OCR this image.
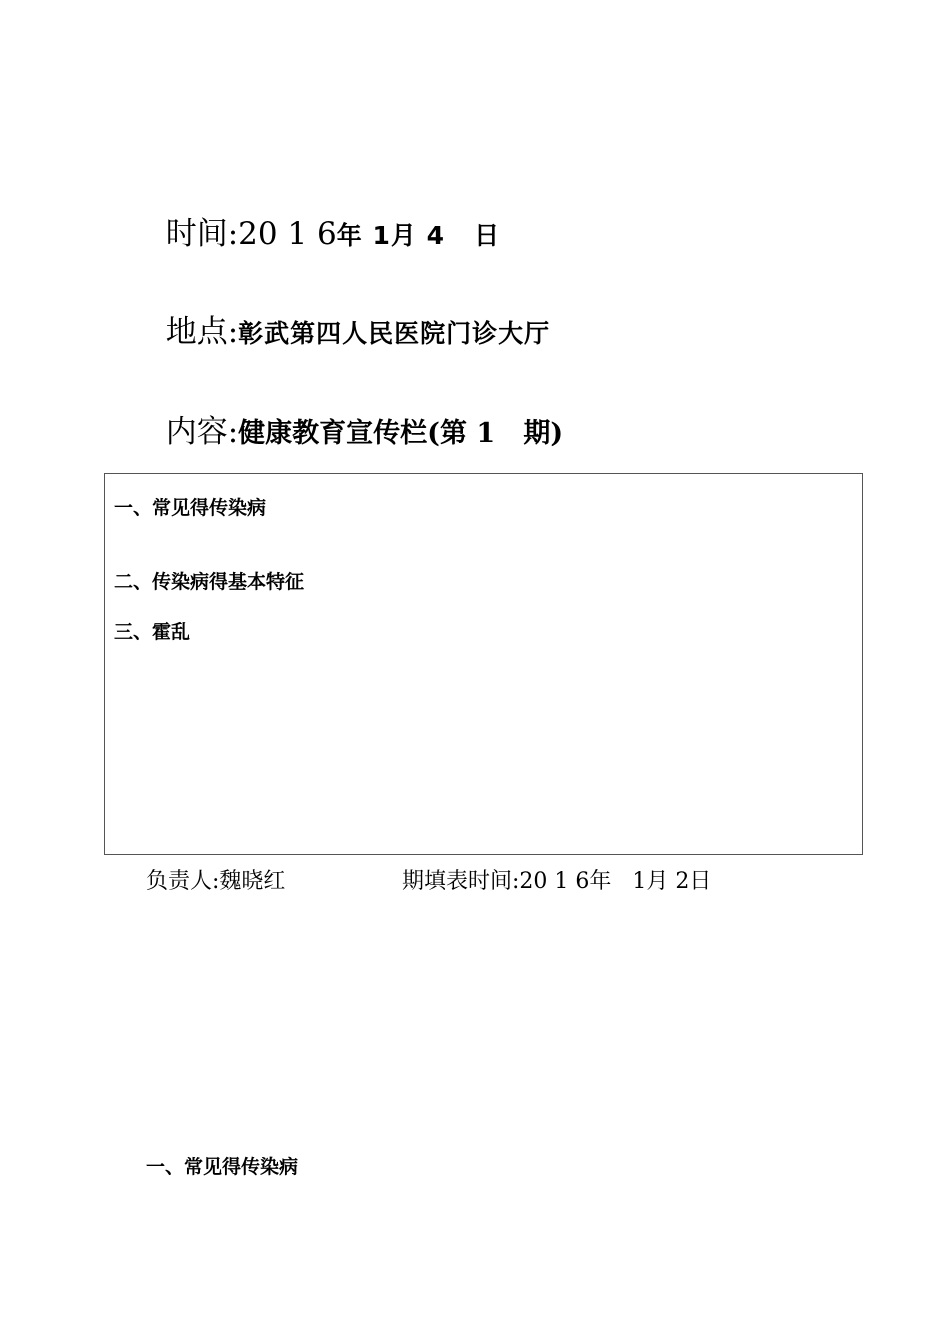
时间:20 1 6年 1月 4   日

地点:彰武第四人民医院门诊大厅

内容:健康教育宣传栏(第 1   期)

一、常见得传染病
二、传染病得基本特征
三、霍乱
负责人:魏晓红	期填表时间:20 1 6年   1月 2日
一、常见得传染病
